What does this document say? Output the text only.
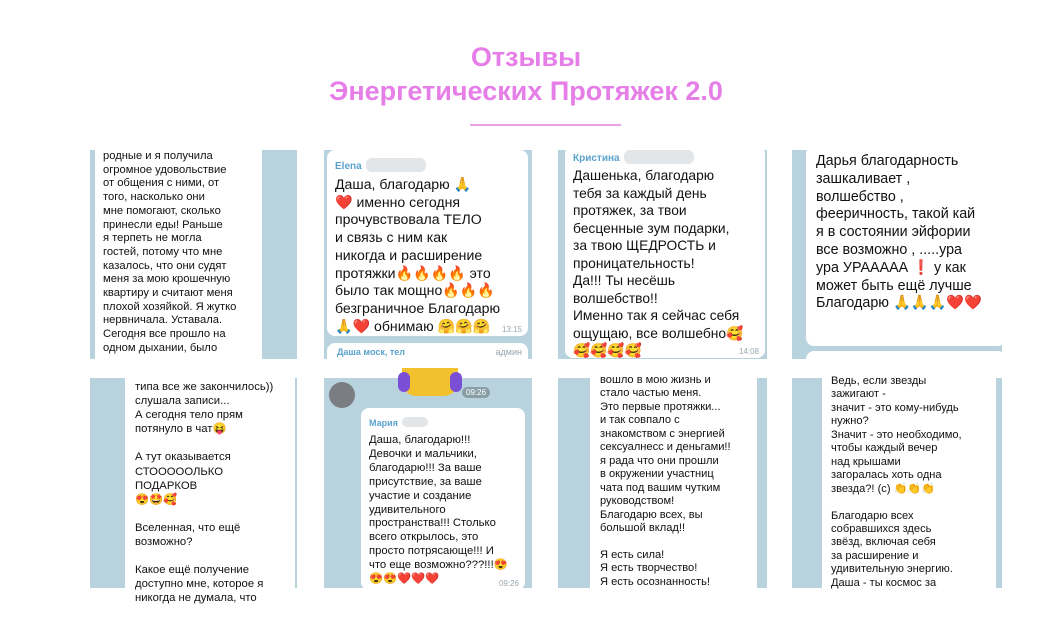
Отзывы
Энергетических Протяжек 2.0
родные и я получила
огромное удовольствие
от общения с ними, от
того, насколько они
мне помогают, сколько
принесли еды! Раньше
я терпеть не могла
гостей, потому что мне
казалось, что они судят
меня за мою крошечную
квартиру и считают меня
плохой хозяйкой. Я жутко
нервничала. Уставала.
Сегодня все прошло на
одном дыхании, было
Elena
Даша, благодарю 🙏
❤️ именно сегодня
прочувствовала ТЕЛО
и связь с ним как
никогда и расширение
протяжки🔥🔥🔥🔥 это
было так мощно🔥🔥🔥
безграничное Благодарю
🙏❤️ обнимаю 🤗🤗🤗	13:15
Даша моск, тел	админ
Кристина
Дашенька, благодарю
тебя за каждый день
протяжек, за твои
бесценные зум подарки,
за твою ЩЕДРОСТЬ и
проницательность!
Да!!! Ты несёшь
волшебство!!
Именно так я сейчас себя
ощущаю, все волшебно🥰
🥰🥰🥰🥰	14:08
Дарья благодарность
зашкаливает ,
волшебство ,
фееричность, такой кай
я в состоянии эйфории
все возможно , .....ура
ура УРААААА ❗ у как
может быть ещё лучше
Благодарю 🙏🙏🙏❤️❤️
типа все же закончилось))
слушала записи...
А сегодня тело прям
потянуло в чат😝

А тут оказывается
СТОООООЛЬКО ПОДАРКОВ
😍🤩🥰

Вселенная, что ещё
возможно?

Какое ещё получение
доступно мне, которое я
никогда не думала, что
09:26
Мария
Даша, благодарю!!!
Девочки и мальчики,
благодарю!!! За ваше
присутствие, за ваше
участие и создание
удивительного
пространства!!! Столько
всего открылось, это
просто потрясающе!!! И
что еще возможно???!!!😍
😍😍❤️❤️❤️	09:26
вошло в мою жизнь и
стало частью меня.
Это первые протяжки...
и так совпало с
знакомством с энергией
сексуалнесс и деньгами!!
я рада что они прошли
в окружении участниц
чата под вашим чутким
руководством!
Благодарю всех, вы
большой вклад!!

Я есть сила!
Я есть творчество!
Я есть осознанность!
Ведь, если звезды
зажигают -
значит - это кому-нибудь
нужно?
Значит - это необходимо,
чтобы каждый вечер
над крышами
загоралась хоть одна
звезда?! (с) 👏👏👏

Благодарю всех
собравшихся здесь
звёзд, включая себя
за расширение и
удивительную энергию.
Даша - ты космос за
